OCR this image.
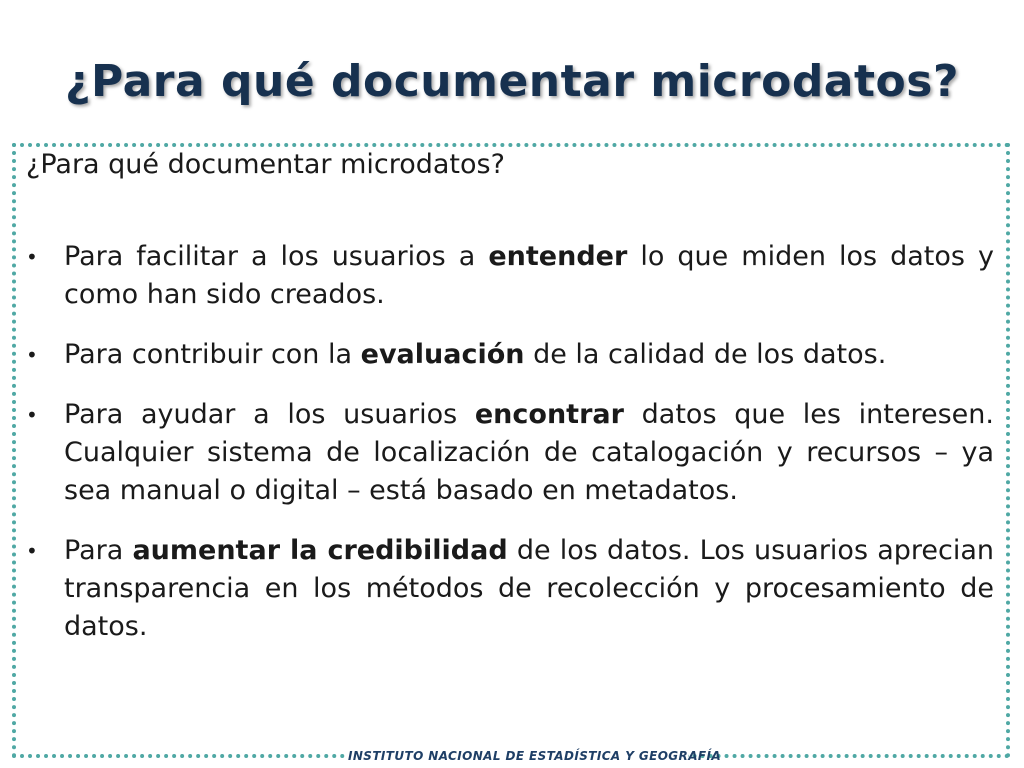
¿Para qué documentar microdatos?
¿Para qué documentar microdatos?
• Para facilitar a los usuarios a entender lo que miden los datos y como han sido creados.
• Para contribuir con la evaluación de la calidad de los datos.
• Para ayudar a los usuarios encontrar datos que les interesen. Cualquier sistema de localización de catalogación y recursos – ya sea manual o digital – está basado en metadatos.
• Para aumentar la credibilidad de los datos. Los usuarios aprecian transparencia en los métodos de recolección y procesamiento de datos.
INSTITUTO NACIONAL DE ESTADÍSTICA Y GEOGRAFÍA
